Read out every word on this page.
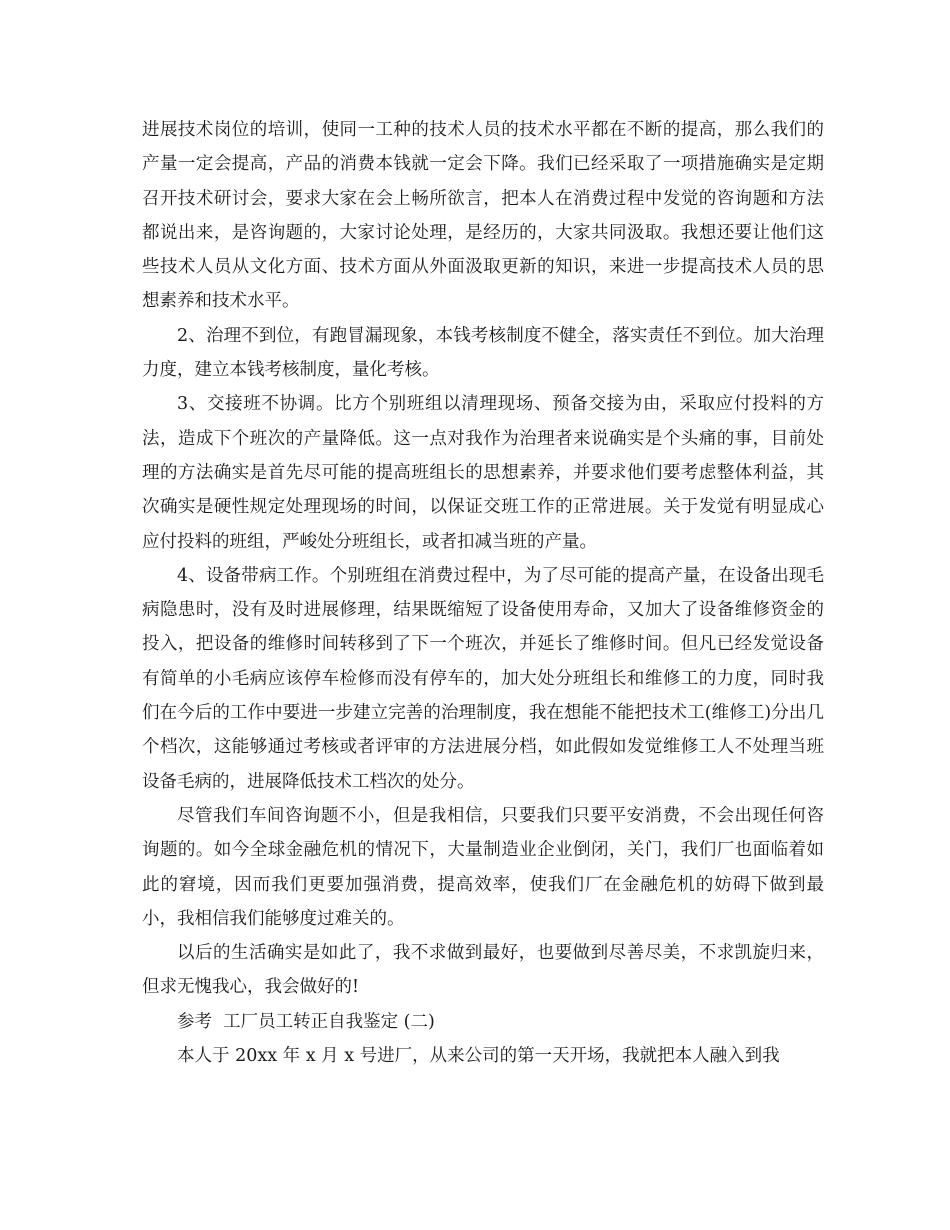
进展技术岗位的培训，使同一工种的技术人员的技术水平都在不断的提高，那么我们的产量一定会提高，产品的消费本钱就一定会下降。我们已经采取了一项措施确实是定期召开技术研讨会，要求大家在会上畅所欲言，把本人在消费过程中发觉的咨询题和方法都说出来，是咨询题的，大家讨论处理，是经历的，大家共同汲取。我想还要让他们这些技术人员从文化方面、技术方面从外面汲取更新的知识，来进一步提高技术人员的思想素养和技术水平。

2、治理不到位，有跑冒漏现象，本钱考核制度不健全，落实责任不到位。加大治理力度，建立本钱考核制度，量化考核。

3、交接班不协调。比方个别班组以清理现场、预备交接为由，采取应付投料的方法，造成下个班次的产量降低。这一点对我作为治理者来说确实是个头痛的事，目前处理的方法确实是首先尽可能的提高班组长的思想素养，并要求他们要考虑整体利益，其次确实是硬性规定处理现场的时间，以保证交班工作的正常进展。关于发觉有明显成心应付投料的班组，严峻处分班组长，或者扣减当班的产量。

4、设备带病工作。个别班组在消费过程中，为了尽可能的提高产量，在设备出现毛病隐患时，没有及时进展修理，结果既缩短了设备使用寿命，又加大了设备维修资金的投入，把设备的维修时间转移到了下一个班次，并延长了维修时间。但凡已经发觉设备有简单的小毛病应该停车检修而没有停车的，加大处分班组长和维修工的力度，同时我们在今后的工作中要进一步建立完善的治理制度，我在想能不能把技术工(维修工)分出几个档次，这能够通过考核或者评审的方法进展分档，如此假如发觉维修工人不处理当班设备毛病的，进展降低技术工档次的处分。

尽管我们车间咨询题不小，但是我相信，只要我们只要平安消费，不会出现任何咨询题的。如今全球金融危机的情况下，大量制造业企业倒闭，关门，我们厂也面临着如此的窘境，因而我们更要加强消费，提高效率，使我们厂在金融危机的妨碍下做到最小，我相信我们能够度过难关的。

以后的生活确实是如此了，我不求做到最好，也要做到尽善尽美，不求凯旋归来，但求无愧我心，我会做好的!

参考  工厂员工转正自我鉴定 (二)

本人于 20xx 年 x 月 x 号进厂，从来公司的第一天开场，我就把本人融入到我
